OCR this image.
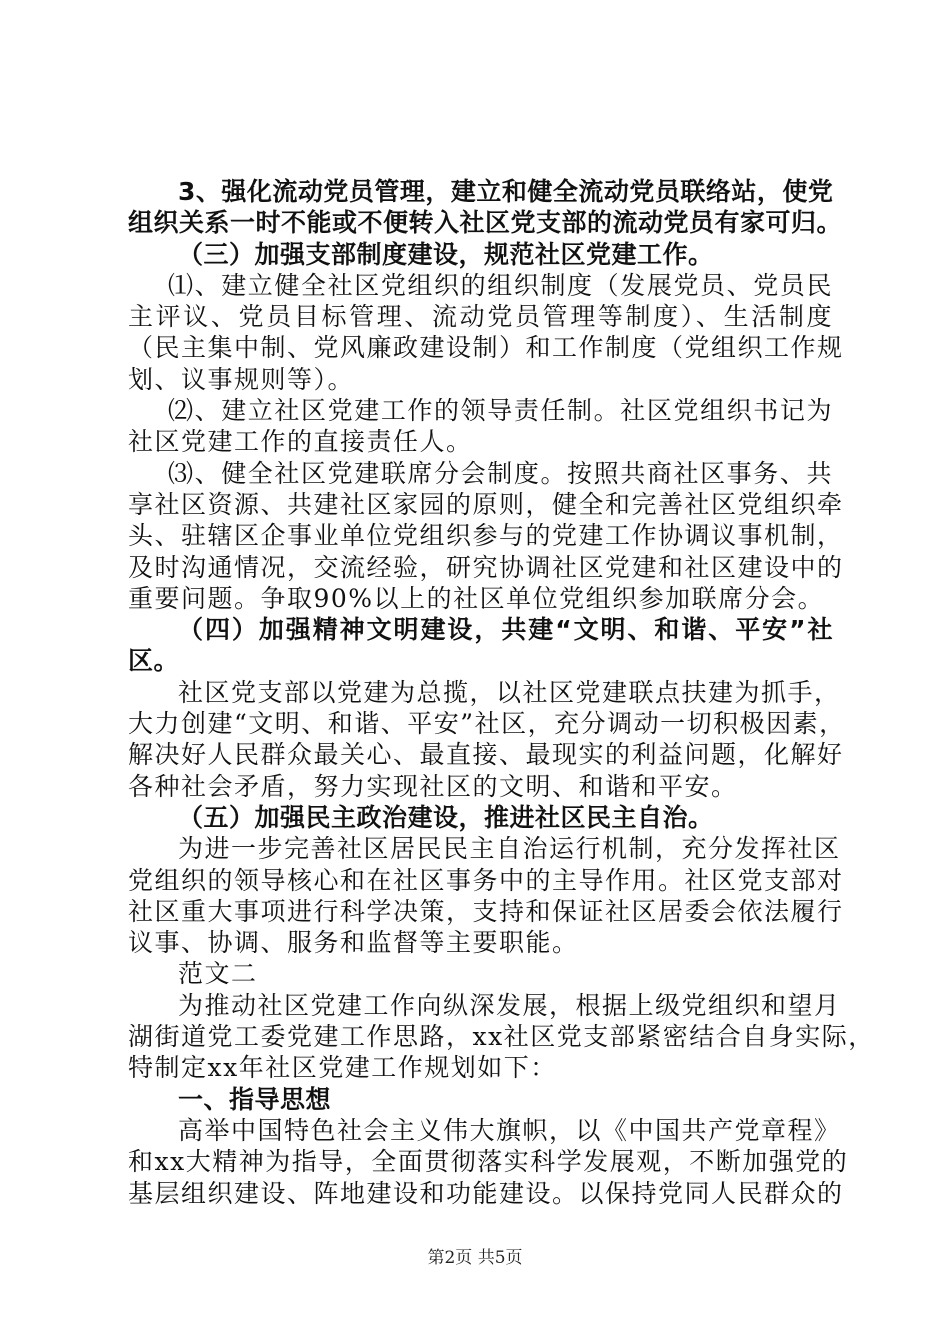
3、强化流动党员管理，建立和健全流动党员联络站，使党
组织关系一时不能或不便转入社区党支部的流动党员有家可归。
（三）加强支部制度建设，规范社区党建工作。
⑴、建立健全社区党组织的组织制度（发展党员、党员民
主评议、党员目标管理、流动党员管理等制度）、生活制度
（民主集中制、党风廉政建设制）和工作制度（党组织工作规
划、议事规则等）。
⑵、建立社区党建工作的领导责任制。社区党组织书记为
社区党建工作的直接责任人。
⑶、健全社区党建联席分会制度。按照共商社区事务、共
享社区资源、共建社区家园的原则，健全和完善社区党组织牵
头、驻辖区企事业单位党组织参与的党建工作协调议事机制，
及时沟通情况，交流经验，研究协调社区党建和社区建设中的
重要问题。争取90%以上的社区单位党组织参加联席分会。
（四）加强精神文明建设，共建“文明、和谐、平安”社
区。
社区党支部以党建为总揽，以社区党建联点扶建为抓手，
大力创建“文明、和谐、平安”社区，充分调动一切积极因素，
解决好人民群众最关心、最直接、最现实的利益问题，化解好
各种社会矛盾，努力实现社区的文明、和谐和平安。
（五）加强民主政治建设，推进社区民主自治。
为进一步完善社区居民民主自治运行机制，充分发挥社区
党组织的领导核心和在社区事务中的主导作用。社区党支部对
社区重大事项进行科学决策，支持和保证社区居委会依法履行
议事、协调、服务和监督等主要职能。
范文二
为推动社区党建工作向纵深发展，根据上级党组织和望月
湖街道党工委党建工作思路，xx社区党支部紧密结合自身实际，
特制定xx年社区党建工作规划如下：
一、指导思想
高举中国特色社会主义伟大旗帜，以《中国共产党章程》
和xx大精神为指导，全面贯彻落实科学发展观，不断加强党的
基层组织建设、阵地建设和功能建设。以保持党同人民群众的
第2页 共5页
